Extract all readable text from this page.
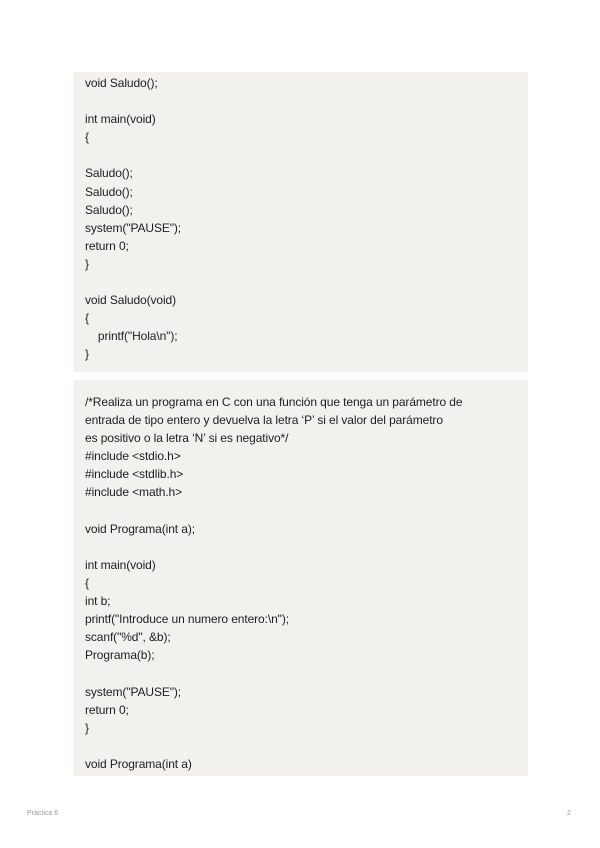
void Saludo();
int main(void)
{
Saludo();
Saludo();
Saludo();
system("PAUSE");
return 0;
}
void Saludo(void)
{
printf("Hola\n");
}
/*Realiza un programa en C con una función que tenga un parámetro de
entrada de tipo entero y devuelva la letra ‘P’ si el valor del parámetro
es positivo o la letra ‘N’ si es negativo*/
#include <stdio.h>
#include <stdlib.h>
#include <math.h>
void Programa(int a);
int main(void)
{
int b;
printf("Introduce un numero entero:\n");
scanf("%d", &b);
Programa(b);
system("PAUSE");
return 0;
}
void Programa(int a)
Práctica 6	2
